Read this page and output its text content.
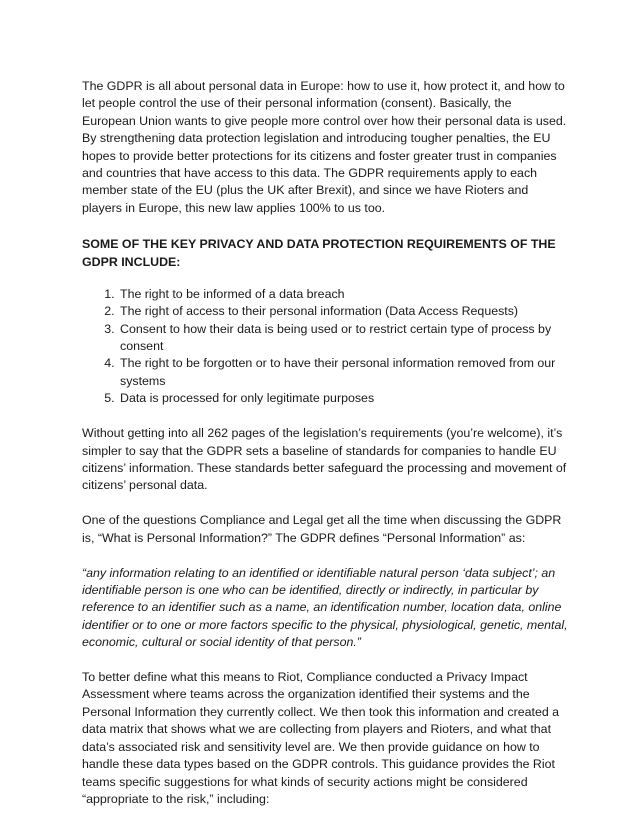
The GDPR is all about personal data in Europe: how to use it, how protect it, and how to let people control the use of their personal information (consent). Basically, the European Union wants to give people more control over how their personal data is used. By strengthening data protection legislation and introducing tougher penalties, the EU hopes to provide better protections for its citizens and foster greater trust in companies and countries that have access to this data. The GDPR requirements apply to each member state of the EU (plus the UK after Brexit), and since we have Rioters and players in Europe, this new law applies 100% to us too.

SOME OF THE KEY PRIVACY AND DATA PROTECTION REQUIREMENTS OF THE GDPR INCLUDE:

1. The right to be informed of a data breach
2. The right of access to their personal information (Data Access Requests)
3. Consent to how their data is being used or to restrict certain type of process by consent
4. The right to be forgotten or to have their personal information removed from our systems
5. Data is processed for only legitimate purposes

Without getting into all 262 pages of the legislation’s requirements (you’re welcome), it’s simpler to say that the GDPR sets a baseline of standards for companies to handle EU citizens’ information. These standards better safeguard the processing and movement of citizens’ personal data.

One of the questions Compliance and Legal get all the time when discussing the GDPR is, “What is Personal Information?” The GDPR defines “Personal Information” as:

“any information relating to an identified or identifiable natural person ‘data subject’; an identifiable person is one who can be identified, directly or indirectly, in particular by reference to an identifier such as a name, an identification number, location data, online identifier or to one or more factors specific to the physical, physiological, genetic, mental, economic, cultural or social identity of that person.”

To better define what this means to Riot, Compliance conducted a Privacy Impact Assessment where teams across the organization identified their systems and the Personal Information they currently collect. We then took this information and created a data matrix that shows what we are collecting from players and Rioters, and what that data’s associated risk and sensitivity level are. We then provide guidance on how to handle these data types based on the GDPR controls. This guidance provides the Riot teams specific suggestions for what kinds of security actions might be considered “appropriate to the risk,” including:
